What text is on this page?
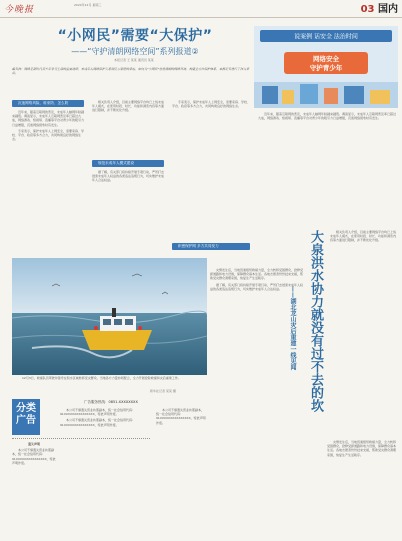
今晚报	2024年12月 星期三	03 国内
“小网民”需要“大保护”
——“守护清朗网络空间”系列报道②
本报记者 王 某某 通讯员 某某
编者按：网络是新时代青少年学习生活的重要场所，未成年人网络保护关系到亿万家庭的幸福，如何为“小网民”营造清朗的网络环境，构建全方位保护体系，本报记者进行了深入采访。
说案例 话安全 法治时间
网络安全
守护青少年
沉迷网络风险，谁来防、怎么防

近年来，随着互联网的普及，未成年人触网年龄越来越低。调查显示，未成年人互联网普及率已超过九成，网络游戏、短视频、直播等平台对青少年的吸引力日益增强，沉迷网络现象时有发生。

专家表示，保护未成年人上网安全，需要家庭、学校、平台、政府等多方合力，共同构建良好的网络生态。

相关负责人介绍，目前主要网络平台均已上线未成年人模式，在使用时段、时长、功能和浏览内容等方面进行限制，并不断优化升级。

规范未成年人模式建设

据了解，有关部门将持续开展专项行动，严厉打击侵害未成年人权益的各类违法违规行为，切实维护未成年人合法权益。

专家表示，保护未成年人上网安全，需要家庭、学校、平台、政府等多方合力，共同构建良好的网络生态。

织密保护网 多方共同发力

近年来，随着互联网的普及，未成年人触网年龄越来越低。调查显示，未成年人互联网普及率已超过九成，网络游戏、短视频、直播等平台对青少年的吸引力日益增强，沉迷网络现象时有发生。

12月3日，救援队员驾驶冲锋舟在积水区域转移受灾群众。当地各方力量协同配合，全力开展抢险救援和灾后重建工作。
新华社记者 某某 摄

灾情发生后，当地迅速组织救援力量，全力转移受困群众，抢修受损道路和电力设施，保障群众基本生活。各地志愿者纷纷赶来支援，帮助受灾群众清理家园，恢复生产生活秩序。

据了解，有关部门将持续开展专项行动，严厉打击侵害未成年人权益的各类违法违规行为，切实维护未成年人合法权益。

灾情发生后，当地迅速组织救援力量，全力转移受困群众，抢修受损道路和电力设施，保障群众基本生活。各地志愿者纷纷赶来支援，帮助受灾群众清理家园，恢复生产生活秩序。

相关负责人介绍，目前主要网络平台均已上线未成年人模式，在使用时段、时长、功能和浏览内容等方面进行限制，并不断优化升级。

大泉洪水协力就没有过不去的坎
——湖北龙山灾后重建一线见闻
分类
广告
广告服务热线：0851-XXXXXXXX
遗失声明

本公司不慎遗失营业执照副本，统一社会信用代码：91XXXXXXXXXXXXXXX，特此声明作废。

本公司不慎遗失营业执照副本，统一社会信用代码：91XXXXXXXXXXXXXXX，特此声明作废。

本公司不慎遗失营业执照副本，统一社会信用代码：91XXXXXXXXXXXXXXX，特此声明作废。

本公司不慎遗失营业执照副本，统一社会信用代码：91XXXXXXXXXXXXXXX，特此声明作废。
